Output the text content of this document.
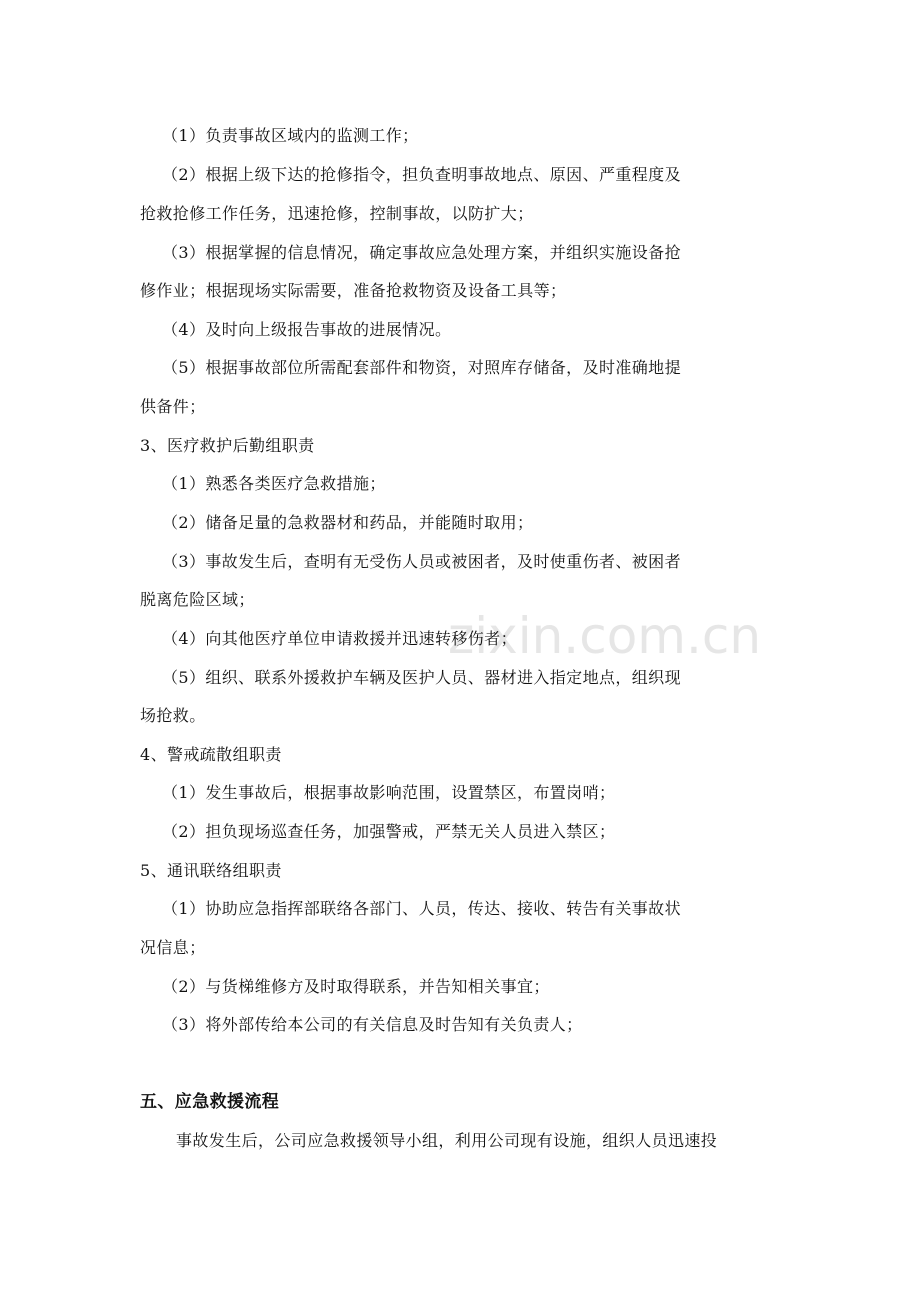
zixin.com.cn
（1）负责事故区域内的监测工作；
（2）根据上级下达的抢修指令，担负查明事故地点、原因、严重程度及
抢救抢修工作任务，迅速抢修，控制事故，以防扩大；
（3）根据掌握的信息情况，确定事故应急处理方案，并组织实施设备抢
修作业；根据现场实际需要，准备抢救物资及设备工具等；
（4）及时向上级报告事故的进展情况。
（5）根据事故部位所需配套部件和物资，对照库存储备，及时准确地提
供备件；
3、医疗救护后勤组职责
（1）熟悉各类医疗急救措施；
（2）储备足量的急救器材和药品，并能随时取用；
（3）事故发生后，查明有无受伤人员或被困者，及时使重伤者、被困者
脱离危险区域；
（4）向其他医疗单位申请救援并迅速转移伤者；
（5）组织、联系外援救护车辆及医护人员、器材进入指定地点，组织现
场抢救。
4、警戒疏散组职责
（1）发生事故后，根据事故影响范围，设置禁区，布置岗哨；
（2）担负现场巡查任务，加强警戒，严禁无关人员进入禁区；
5、通讯联络组职责
（1）协助应急指挥部联络各部门、人员，传达、接收、转告有关事故状
况信息；
（2）与货梯维修方及时取得联系，并告知相关事宜；
（3）将外部传给本公司的有关信息及时告知有关负责人；
五、应急救援流程
事故发生后，公司应急救援领导小组，利用公司现有设施，组织人员迅速投
